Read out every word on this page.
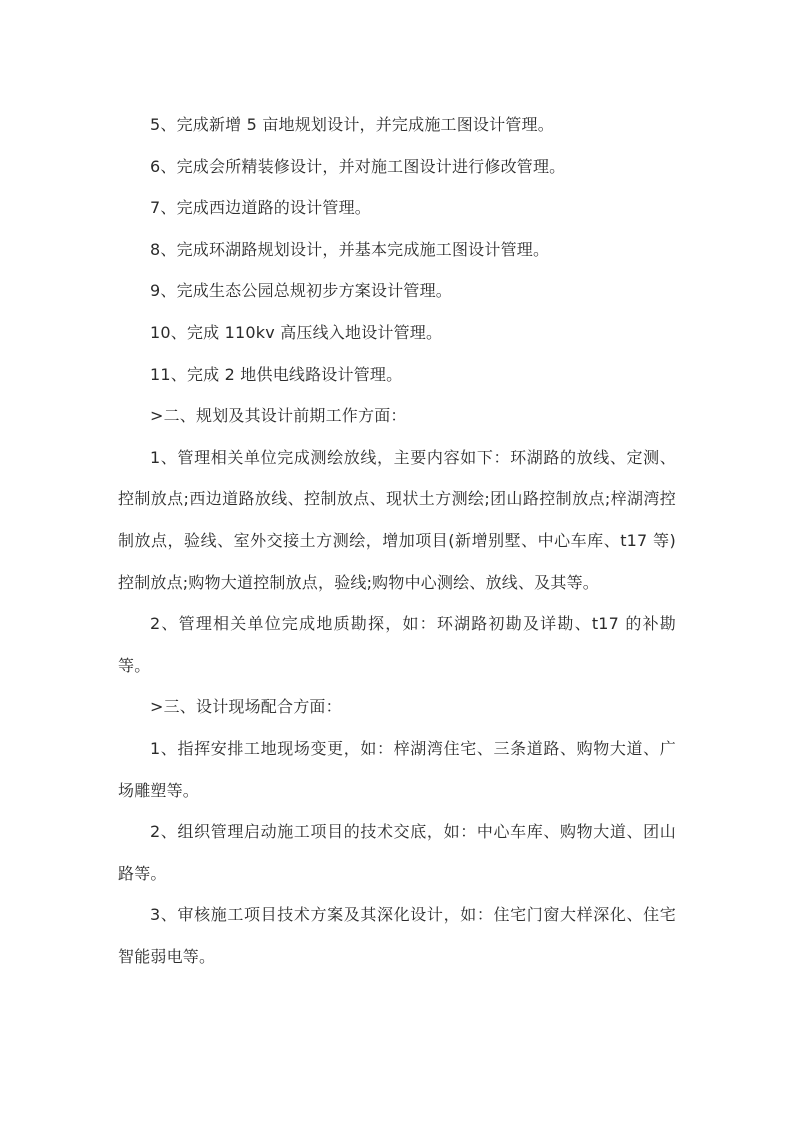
5、完成新增 5 亩地规划设计，并完成施工图设计管理。

6、完成会所精装修设计，并对施工图设计进行修改管理。

7、完成西边道路的设计管理。

8、完成环湖路规划设计，并基本完成施工图设计管理。

9、完成生态公园总规初步方案设计管理。

10、完成 110kv 高压线入地设计管理。

11、完成 2 地供电线路设计管理。

>二、规划及其设计前期工作方面：

1、管理相关单位完成测绘放线，主要内容如下：环湖路的放线、定测、控制放点;西边道路放线、控制放点、现状土方测绘;团山路控制放点;梓湖湾控制放点，验线、室外交接土方测绘，增加项目(新增别墅、中心车库、t17 等)控制放点;购物大道控制放点，验线;购物中心测绘、放线、及其等。

2、管理相关单位完成地质勘探，如：环湖路初勘及详勘、t17 的补勘等。

>三、设计现场配合方面：

1、指挥安排工地现场变更，如：梓湖湾住宅、三条道路、购物大道、广场雕塑等。

2、组织管理启动施工项目的技术交底，如：中心车库、购物大道、团山路等。

3、审核施工项目技术方案及其深化设计，如：住宅门窗大样深化、住宅智能弱电等。
